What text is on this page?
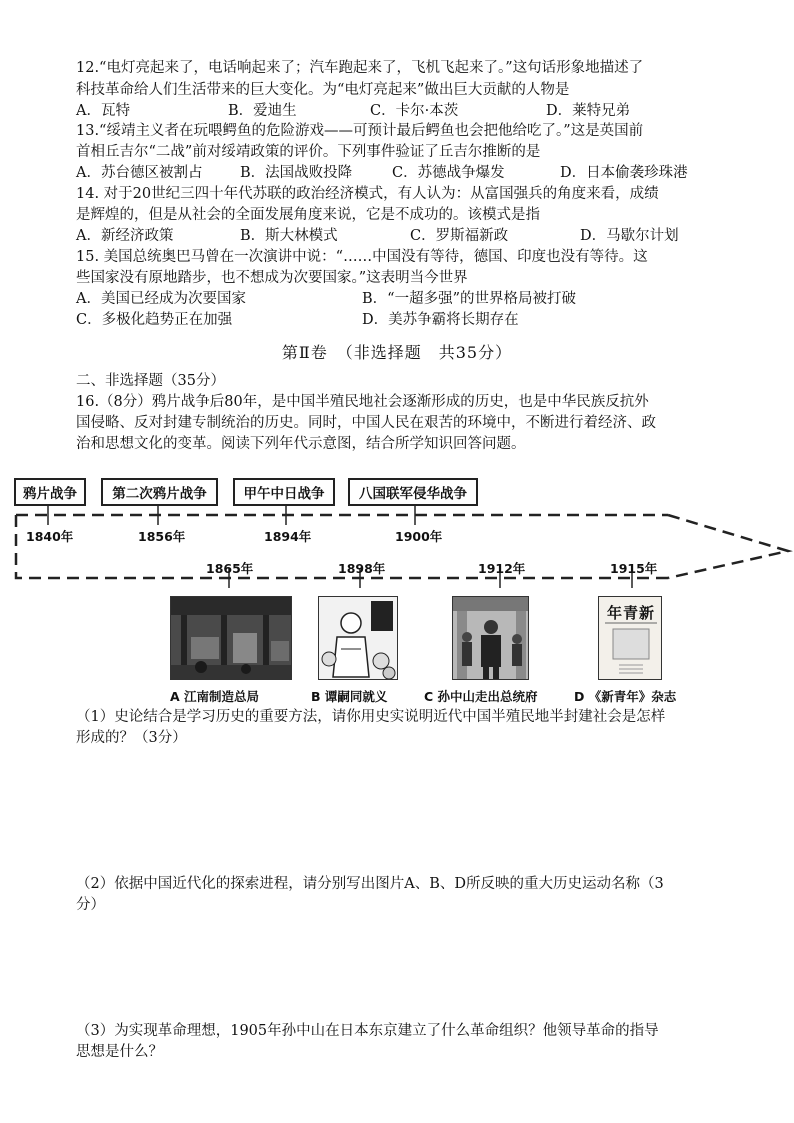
12.“电灯亮起来了，电话响起来了；汽车跑起来了，飞机飞起来了。”这句话形象地描述了
科技革命给人们生活带来的巨大变化。为“电灯亮起来”做出巨大贡献的人物是
A．瓦特	B．爱迪生	C．卡尔·本茨	D．莱特兄弟
13.“绥靖主义者在玩喂鳄鱼的危险游戏——可预计最后鳄鱼也会把他给吃了。”这是英国前
首相丘吉尔“二战”前对绥靖政策的评价。下列事件验证了丘吉尔推断的是
A．苏台德区被割占	B．法国战败投降	C．苏德战争爆发	D．日本偷袭珍珠港
14. 对于20世纪三四十年代苏联的政治经济模式，有人认为：从富国强兵的角度来看，成绩
是辉煌的，但是从社会的全面发展角度来说，它是不成功的。该模式是指
A．新经济政策	B．斯大林模式	C．罗斯福新政	D．马歇尔计划
15. 美国总统奥巴马曾在一次演讲中说：“……中国没有等待，德国、印度也没有等待。这
些国家没有原地踏步，也不想成为次要国家。”这表明当今世界
A．美国已经成为次要国家	B．“一超多强”的世界格局被打破
C．多极化趋势正在加强	D．美苏争霸将长期存在
第Ⅱ卷　（非选择题　共35分）
二、非选择题（35分）
16.（8分）鸦片战争后80年，是中国半殖民地社会逐渐形成的历史，也是中华民族反抗外
国侵略、反对封建专制统治的历史。同时，中国人民在艰苦的环境中，不断进行着经济、政
治和思想文化的变革。阅读下列年代示意图，结合所学知识回答问题。
鸦片战争	第二次鸦片战争	甲午中日战争	八国联军侵华战争
1840年	1856年	1894年	1900年
1865年	1898年	1912年	1915年
年青新
A 江南制造总局	B 谭嗣同就义	C 孙中山走出总统府	D 《新青年》杂志
（1）史论结合是学习历史的重要方法，请你用史实说明近代中国半殖民地半封建社会是怎样
形成的？（3分）
（2）依据中国近代化的探索进程，请分别写出图片A、B、D所反映的重大历史运动名称（3
分）
（3）为实现革命理想，1905年孙中山在日本东京建立了什么革命组织？他领导革命的指导
思想是什么？
